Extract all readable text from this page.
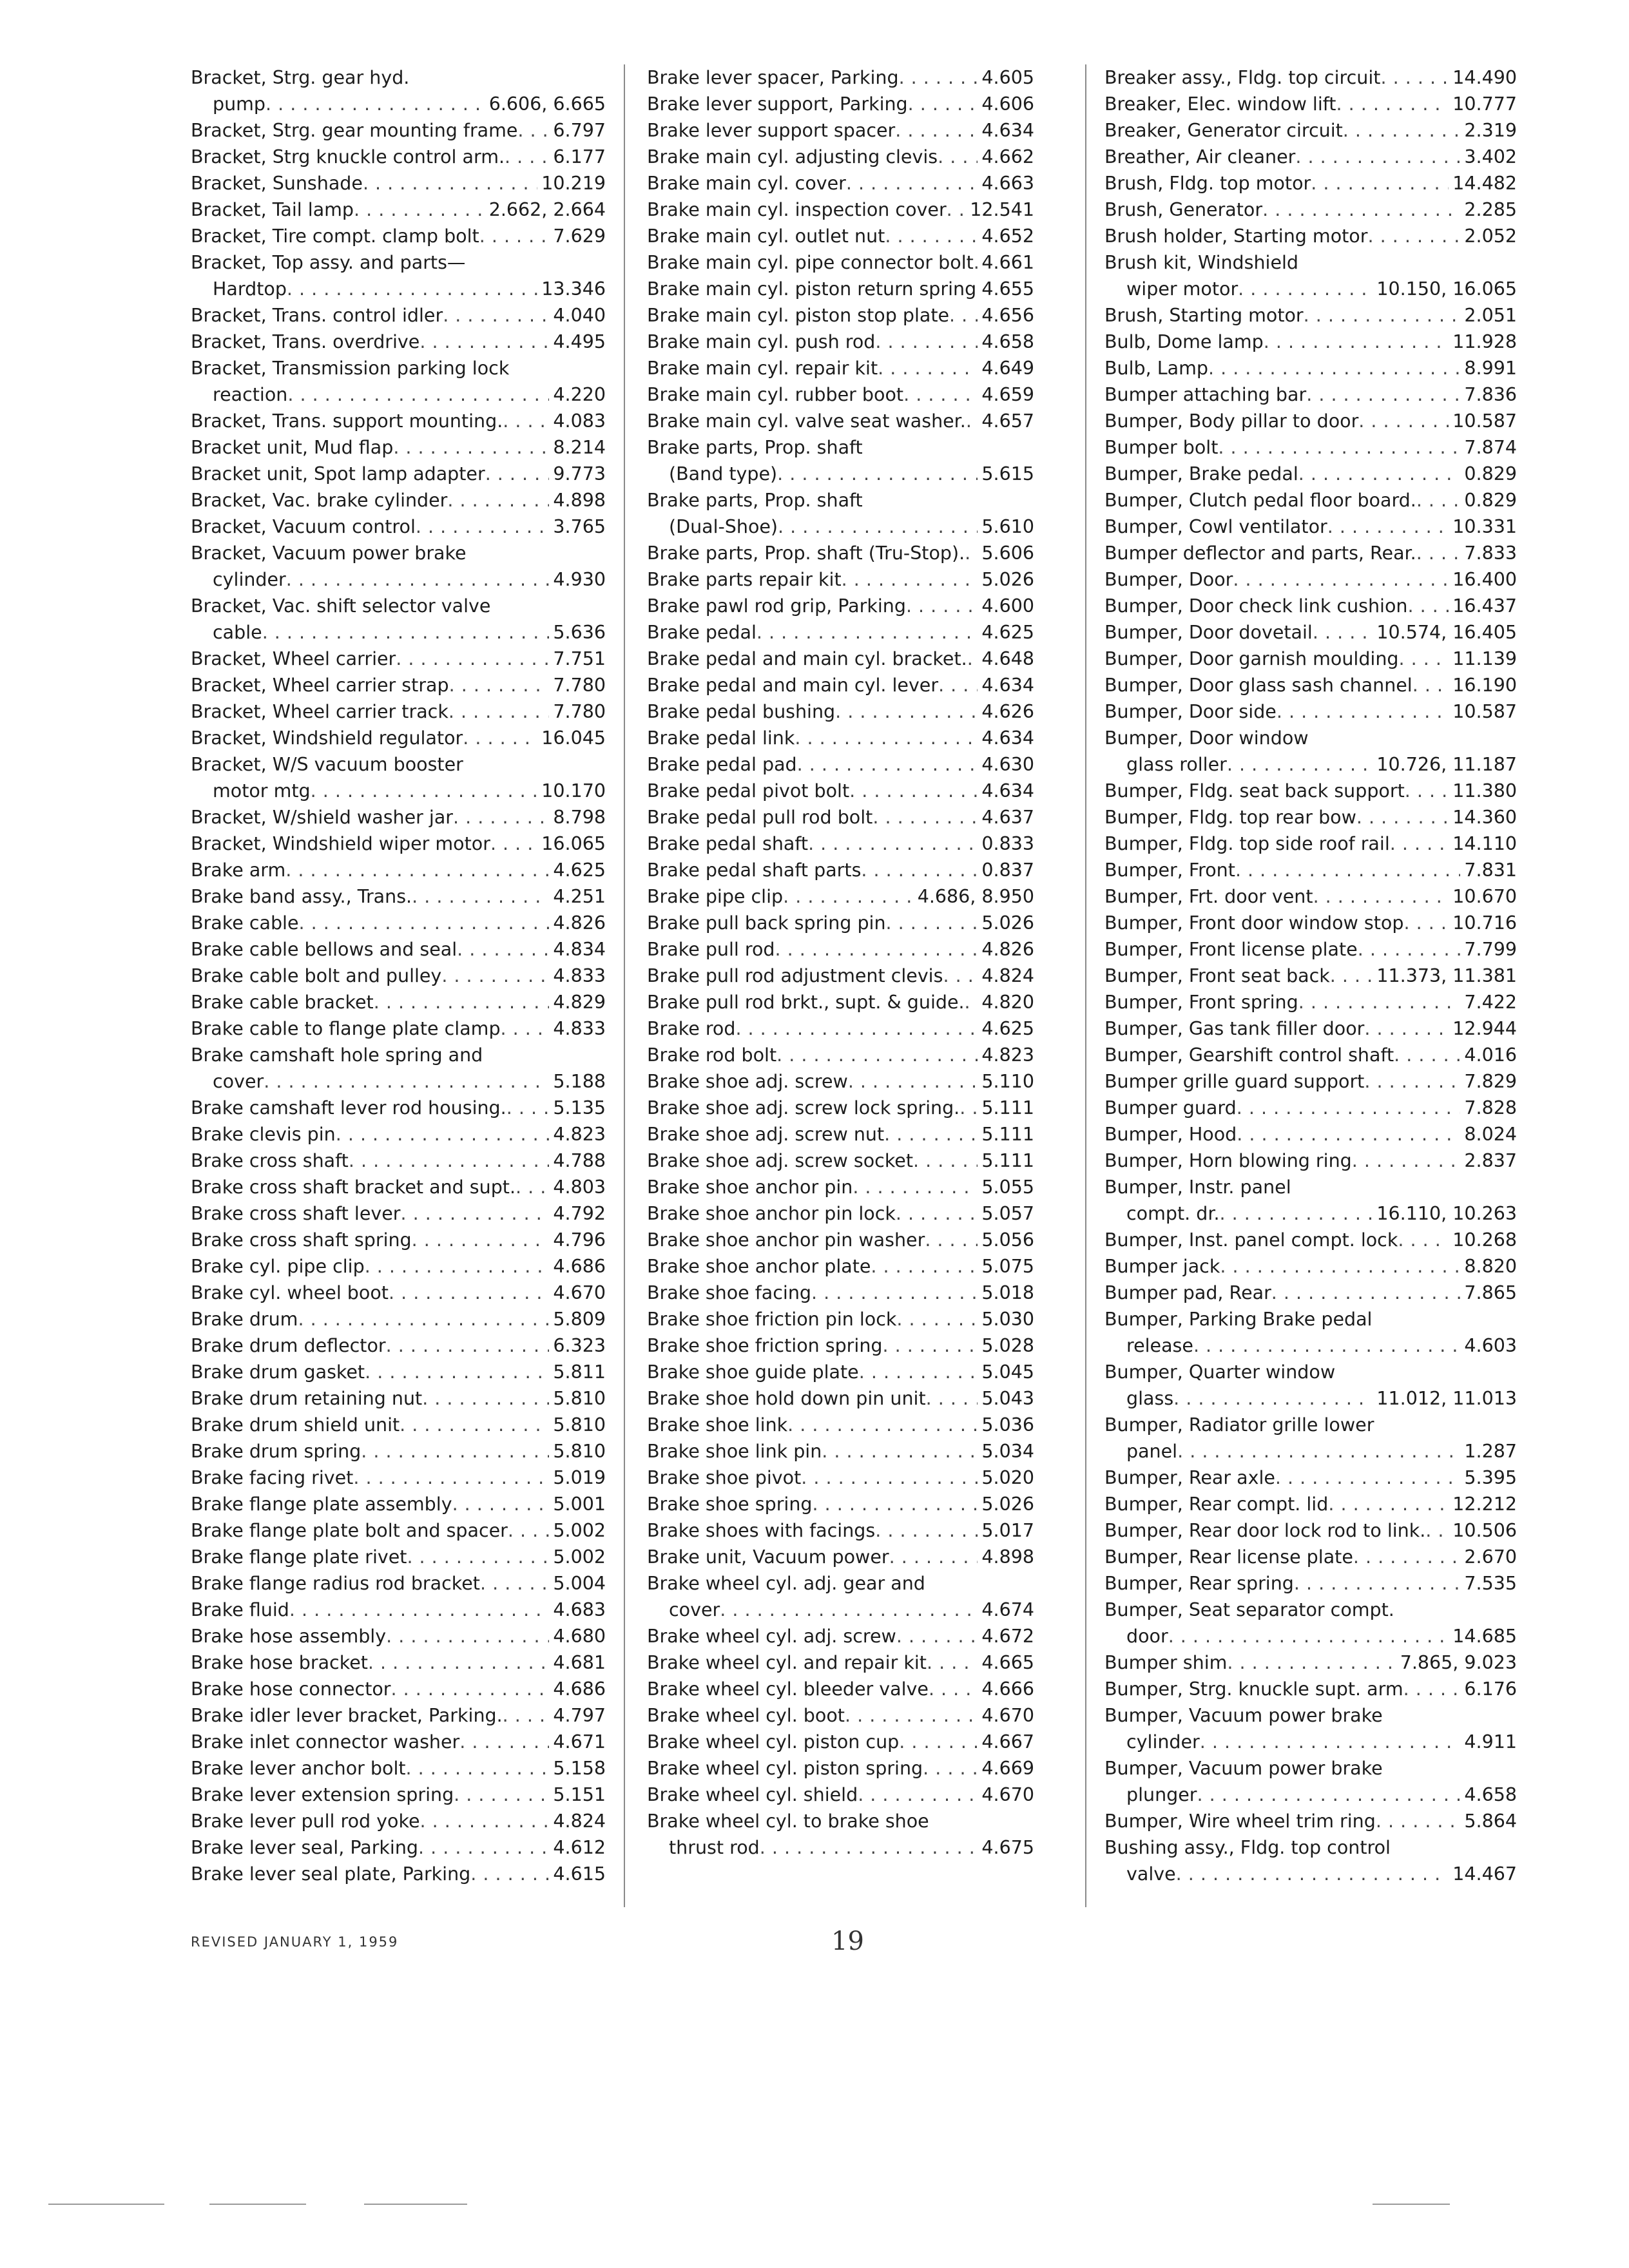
Bracket, Strg. gear hyd.
pump . . .	6.606, 6.665
Bracket, Strg. gear mounting frame . . . 6.797
Bracket, Strg knuckle control arm. . . .	6.177
Bracket, Sunshade . . .	10.219
Bracket, Tail lamp . . .	2.662, 2.664
Bracket, Tire compt. clamp bolt . . .	7.629
Bracket, Top assy. and parts—
Hardtop . . .	13.346
Bracket, Trans. control idler . . .	4.040
Bracket, Trans. overdrive . . .	4.495
Bracket, Transmission parking lock
reaction . . .	4.220
Bracket, Trans. support mounting. . . .	4.083
Bracket unit, Mud flap . . .	8.214
Bracket unit, Spot lamp adapter . . .	9.773
Bracket, Vac. brake cylinder . . .	4.898
Bracket, Vacuum control . . .	3.765
Bracket, Vacuum power brake
cylinder . . .	4.930
Bracket, Vac. shift selector valve
cable . . .	5.636
Bracket, Wheel carrier . . .	7.751
Bracket, Wheel carrier strap . . .	7.780
Bracket, Wheel carrier track . . .	7.780
Bracket, Windshield regulator . . .	16.045
Bracket, W/S vacuum booster
motor mtg . . .	10.170
Bracket, W/shield washer jar . . .	8.798
Bracket, Windshield wiper motor . . .	16.065
Brake arm . . .	4.625
Brake band assy., Trans. . . .	4.251
Brake cable . . .	4.826
Brake cable bellows and seal . . .	4.834
Brake cable bolt and pulley . . .	4.833
Brake cable bracket . . .	4.829
Brake cable to flange plate clamp . . .	4.833
Brake camshaft hole spring and
cover . . .	5.188
Brake camshaft lever rod housing. . . .	5.135
Brake clevis pin . . .	4.823
Brake cross shaft . . .	4.788
Brake cross shaft bracket and supt. . . . 4.803
Brake cross shaft lever . . .	4.792
Brake cross shaft spring . . .	4.796
Brake cyl. pipe clip . . .	4.686
Brake cyl. wheel boot . . .	4.670
Brake drum . . .	5.809
Brake drum deflector . . .	6.323
Brake drum gasket . . .	5.811
Brake drum retaining nut . . .	5.810
Brake drum shield unit . . .	5.810
Brake drum spring . . .	5.810
Brake facing rivet . . .	5.019
Brake flange plate assembly . . .	5.001
Brake flange plate bolt and spacer . . . 5.002
Brake flange plate rivet . . .	5.002
Brake flange radius rod bracket . . .	5.004
Brake fluid . . .	4.683
Brake hose assembly . . .	4.680
Brake hose bracket . . .	4.681
Brake hose connector . . .	4.686
Brake idler lever bracket, Parking. . . .	4.797
Brake inlet connector washer . . .	4.671
Brake lever anchor bolt . . .	5.158
Brake lever extension spring . . .	5.151
Brake lever pull rod yoke . . .	4.824
Brake lever seal, Parking . . .	4.612
Brake lever seal plate, Parking . . .	4.615
Brake lever spacer, Parking . . .	4.605
Brake lever support, Parking . . .	4.606
Brake lever support spacer . . .	4.634
Brake main cyl. adjusting clevis . . . 4.662
Brake main cyl. cover . . .	4.663
Brake main cyl. inspection cover . . . 12.541
Brake main cyl. outlet nut . . .	4.652
Brake main cyl. pipe connector bolt . . . 4.661
Brake main cyl. piston return spring . . . 4.655
Brake main cyl. piston stop plate . . . 4.656
Brake main cyl. push rod . . .	4.658
Brake main cyl. repair kit . . .	4.649
Brake main cyl. rubber boot . . .	4.659
Brake main cyl. valve seat washer. . . . 4.657
Brake parts, Prop. shaft
(Band type) . . .	5.615
Brake parts, Prop. shaft
(Dual-Shoe) . . .	5.610
Brake parts, Prop. shaft (Tru-Stop). . . . 5.606
Brake parts repair kit . . .	5.026
Brake pawl rod grip, Parking . . .	4.600
Brake pedal . . .	4.625
Brake pedal and main cyl. bracket. . . . 4.648
Brake pedal and main cyl. lever . . . 4.634
Brake pedal bushing . . .	4.626
Brake pedal link . . .	4.634
Brake pedal pad . . .	4.630
Brake pedal pivot bolt . . .	4.634
Brake pedal pull rod bolt . . .	4.637
Brake pedal shaft . . .	0.833
Brake pedal shaft parts . . .	0.837
Brake pipe clip . . .	4.686, 8.950
Brake pull back spring pin . . .	5.026
Brake pull rod . . .	4.826
Brake pull rod adjustment clevis . . . 4.824
Brake pull rod brkt., supt. & guide. . . . 4.820
Brake rod . . .	4.625
Brake rod bolt . . .	4.823
Brake shoe adj. screw . . .	5.110
Brake shoe adj. screw lock spring. . . . 5.111
Brake shoe adj. screw nut . . .	5.111
Brake shoe adj. screw socket . . .	5.111
Brake shoe anchor pin . . .	5.055
Brake shoe anchor pin lock . . .	5.057
Brake shoe anchor pin washer . . .	5.056
Brake shoe anchor plate . . .	5.075
Brake shoe facing . . .	5.018
Brake shoe friction pin lock . . .	5.030
Brake shoe friction spring . . .	5.028
Brake shoe guide plate . . .	5.045
Brake shoe hold down pin unit . . .	5.043
Brake shoe link . . .	5.036
Brake shoe link pin . . .	5.034
Brake shoe pivot . . .	5.020
Brake shoe spring . . .	5.026
Brake shoes with facings . . .	5.017
Brake unit, Vacuum power . . .	4.898
Brake wheel cyl. adj. gear and
cover . . .	4.674
Brake wheel cyl. adj. screw . . .	4.672
Brake wheel cyl. and repair kit . . .	4.665
Brake wheel cyl. bleeder valve . . .	4.666
Brake wheel cyl. boot . . .	4.670
Brake wheel cyl. piston cup . . .	4.667
Brake wheel cyl. piston spring . . .	4.669
Brake wheel cyl. shield . . .	4.670
Brake wheel cyl. to brake shoe
thrust rod . . .	4.675
Breaker assy., Fldg. top circuit . . .	14.490
Breaker, Elec. window lift . . .	10.777
Breaker, Generator circuit . . .	2.319
Breather, Air cleaner . . .	3.402
Brush, Fldg. top motor . . .	14.482
Brush, Generator . . .	2.285
Brush holder, Starting motor . . .	2.052
Brush kit, Windshield
wiper motor . . .	10.150, 16.065
Brush, Starting motor . . .	2.051
Bulb, Dome lamp . . .	11.928
Bulb, Lamp . . .	8.991
Bumper attaching bar . . .	7.836
Bumper, Body pillar to door . . .	10.587
Bumper bolt . . .	7.874
Bumper, Brake pedal . . .	0.829
Bumper, Clutch pedal floor board. . . .	0.829
Bumper, Cowl ventilator . . .	10.331
Bumper deflector and parts, Rear. . . .	7.833
Bumper, Door . . .	16.400
Bumper, Door check link cushion . . . 16.437
Bumper, Door dovetail . . .	10.574, 16.405
Bumper, Door garnish moulding . . .	11.139
Bumper, Door glass sash channel . . . 16.190
Bumper, Door side . . .	10.587
Bumper, Door window
glass roller . . .	10.726, 11.187
Bumper, Fldg. seat back support . . .	11.380
Bumper, Fldg. top rear bow . . .	14.360
Bumper, Fldg. top side roof rail . . .	14.110
Bumper, Front . . .	7.831
Bumper, Frt. door vent . . .	10.670
Bumper, Front door window stop . . .	10.716
Bumper, Front license plate . . .	7.799
Bumper, Front seat back . . .	11.373, 11.381
Bumper, Front spring . . .	7.422
Bumper, Gas tank filler door . . .	12.944
Bumper, Gearshift control shaft . . .	4.016
Bumper grille guard support . . .	7.829
Bumper guard . . .	7.828
Bumper, Hood . . .	8.024
Bumper, Horn blowing ring . . .	2.837
Bumper, Instr. panel
compt. dr. . . .	16.110, 10.263
Bumper, Inst. panel compt. lock . . .	10.268
Bumper jack . . .	8.820
Bumper pad, Rear . . .	7.865
Bumper, Parking Brake pedal
release . . .	4.603
Bumper, Quarter window
glass . . .	11.012, 11.013
Bumper, Radiator grille lower
panel . . .	1.287
Bumper, Rear axle . . .	5.395
Bumper, Rear compt. lid . . .	12.212
Bumper, Rear door lock rod to link. . . . 10.506
Bumper, Rear license plate . . .	2.670
Bumper, Rear spring . . .	7.535
Bumper, Seat separator compt.
door . . .	14.685
Bumper shim . . .	7.865, 9.023
Bumper, Strg. knuckle supt. arm . . .	6.176
Bumper, Vacuum power brake
cylinder . . .	4.911
Bumper, Vacuum power brake
plunger . . .	4.658
Bumper, Wire wheel trim ring . . .	5.864
Bushing assy., Fldg. top control
valve . . .	14.467
REVISED JANUARY 1, 1959	19
